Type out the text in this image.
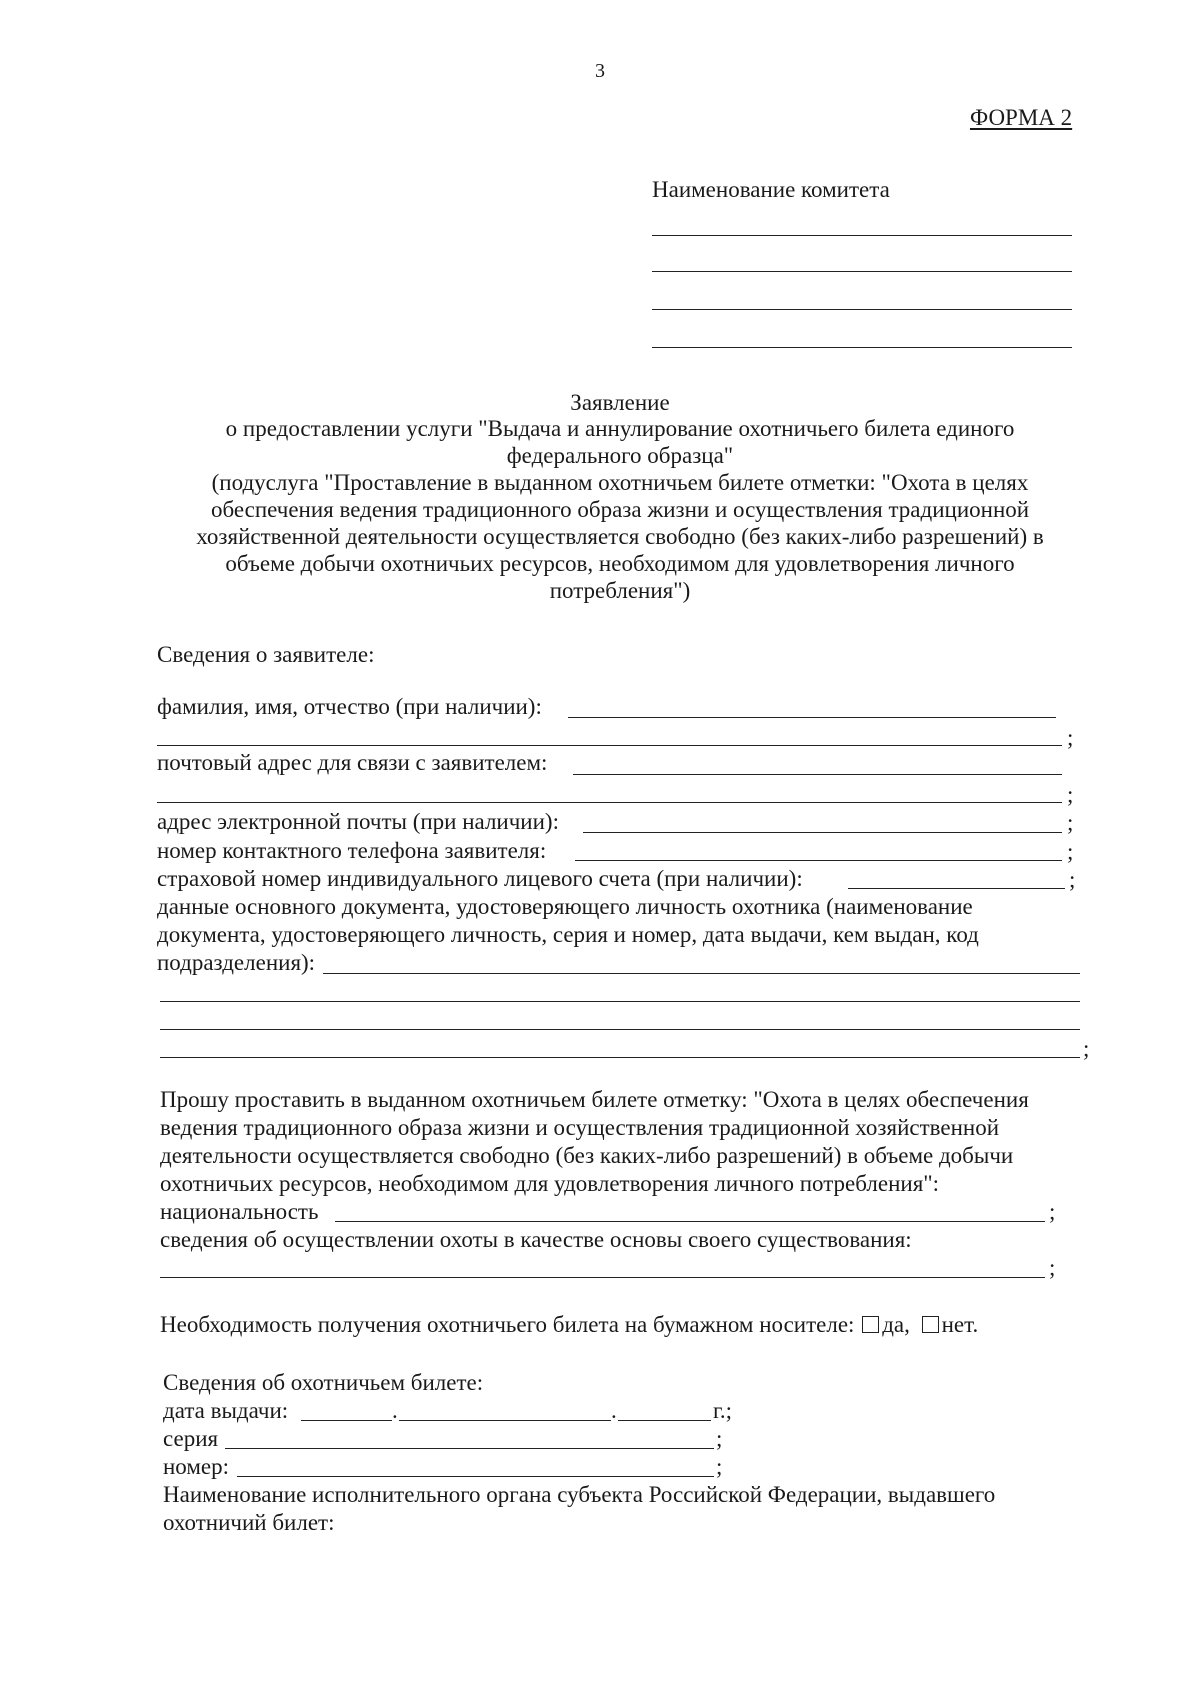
3
ФОРМА 2
Наименование комитета
Заявление
о предоставлении услуги "Выдача и аннулирование охотничьего билета единого
федерального образца"
(подуслуга "Проставление в выданном охотничьем билете отметки: "Охота в целях
обеспечения ведения традиционного образа жизни и осуществления традиционной
хозяйственной деятельности осуществляется свободно (без каких-либо разрешений) в
объеме добычи охотничьих ресурсов, необходимом для удовлетворения личного
потребления")
Сведения о заявителе:
фамилия, имя, отчество (при наличии):
;
почтовый адрес для связи с заявителем:
;
адрес электронной почты (при наличии):	;
номер контактного телефона заявителя:	;
страховой номер индивидуального лицевого счета (при наличии):	;
данные основного документа, удостоверяющего личность охотника (наименование
документа, удостоверяющего личность, серия и номер, дата выдачи, кем выдан, код
подразделения):
;
Прошу проставить в выданном охотничьем билете отметку: "Охота в целях обеспечения
ведения традиционного образа жизни и осуществления традиционной хозяйственной
деятельности осуществляется свободно (без каких-либо разрешений) в объеме добычи
охотничьих ресурсов, необходимом для удовлетворения личного потребления":
национальность	;
сведения об осуществлении охоты в качестве основы своего существования:
;
Необходимость получения охотничьего билета на бумажном носителе: да, нет.
Сведения об охотничьем билете:
дата выдачи:	.	.	г.;
серия	;
номер:	;
Наименование исполнительного органа субъекта Российской Федерации, выдавшего
охотничий билет:
